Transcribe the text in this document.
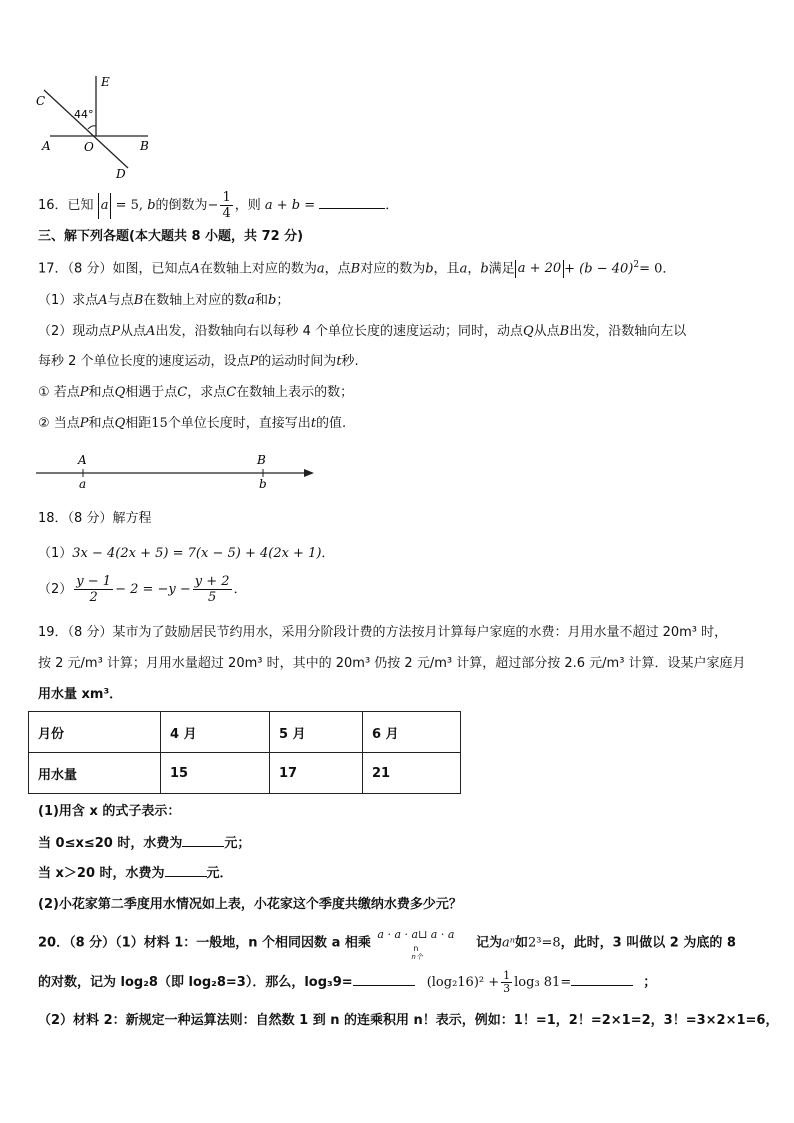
E
C
44°
A	O	B
D
16．已知 a = 5, b的倒数为− $\frac{1}{4}$ ，则 a + b =	．
三、解下列各题(本大题共 8 小题，共 72 分)
17．（8 分）如图，已知点A在数轴上对应的数为a，点B对应的数为b，且a，b满足 $a + 20 + (b - 40)^2= 0$．
（1）求点A与点B在数轴上对应的数a和b；
（2）现动点P从点A出发，沿数轴向右以每秒 4 个单位长度的速度运动；同时，动点Q从点B出发，沿数轴向左以
每秒 2 个单位长度的速度运动，设点P的运动时间为t秒.
① 若点P和点Q相遇于点C，求点C在数轴上表示的数；
② 当点P和点Q相距15个单位长度时，直接写出t的值.
A
a
B
b
18．（8 分）解方程
（1）3x − 4(2x + 5) = 7(x − 5) + 4(2x + 1)．
$(2) \frac{y - 1}{2} - 2 = -y - \frac{y + 2}{5}$ ．
19．（8 分）某市为了鼓励居民节约用水，采用分阶段计费的方法按月计算每户家庭的水费：月用水量不超过 20m³ 时，
按 2 元/m³ 计算；月用水量超过 20m³ 时，其中的 20m³ 仍按 2 元/m³ 计算，超过部分按 2.6 元/m³ 计算．设某户家庭月
用水量 xm³．
月份	4 月	5 月	6 月
用水量	15	17	21
(1)用含 x 的式子表示：
当 0≤x≤20 时，水费为	元；
当 x＞20 时，水费为	元．
(2)小花家第二季度用水情况如上表，小花家这个季度共缴纳水费多少元？
20．（8 分）（1）材料 1：一般地，n 个相同因数 a 相乘
a · a · a⊔ a · a
n
n个
记为aⁿ如2³=8，此时，3 叫做以 2 为底的 8
的对数，记为 log₂8（即 log₂8=3）．那么，log₃9=	$(\log_216)^2 + \frac{1}{3} \log_3$ 81=	；
（2）材料 2：新规定一种运算法则：自然数 1 到 n 的连乘积用 n！表示，例如：1！=1，2！=2×1=2，3！=3×2×1=6，
